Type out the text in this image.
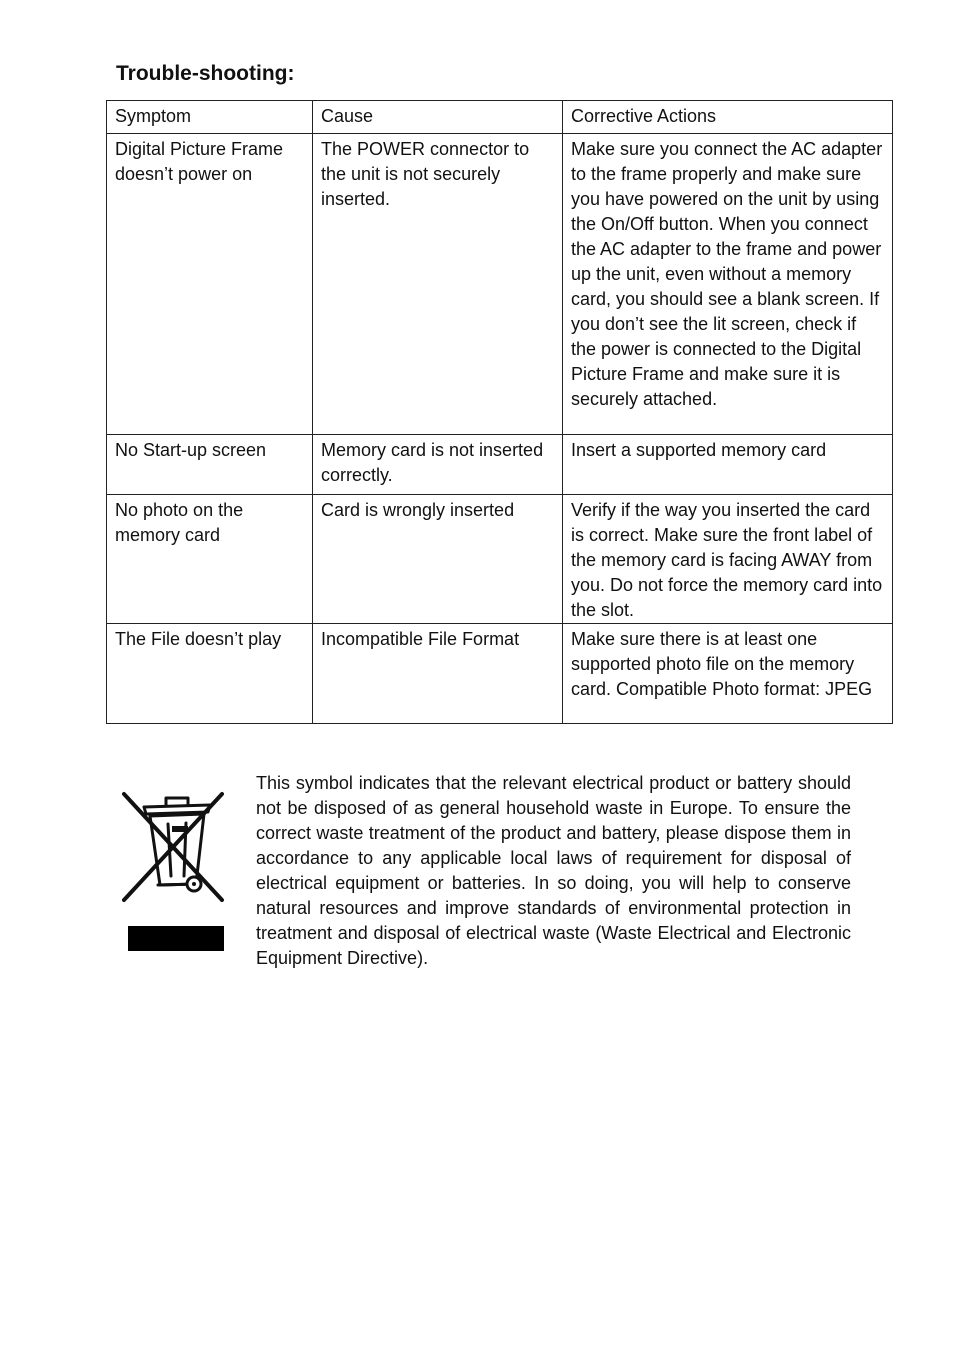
Trouble-shooting:
Symptom	Cause	Corrective Actions
Digital Picture Frame doesn’t power on	The POWER connector to the unit is not securely inserted.	Make sure you connect the AC adapter to the frame properly and make sure you have powered on the unit by using the On/Off button. When you connect the AC adapter to the frame and power up the unit, even without a memory card, you should see a blank screen. If you don’t see the lit screen, check if the power is connected to the Digital Picture Frame and make sure it is securely attached.
No Start-up screen	Memory card is not inserted correctly.	Insert a supported memory card
No photo on the memory card	Card is wrongly inserted	Verify if the way you inserted the card is correct. Make sure the front label of the memory card is facing AWAY from you. Do not force the memory card into the slot.
The File doesn’t play	Incompatible File Format	Make sure there is at least one supported photo file on the memory card. Compatible Photo format: JPEG

This symbol indicates that the relevant electrical product or battery should not be disposed of as general household waste in Europe. To ensure the correct waste treatment of the product and battery, please dispose them in accordance to any applicable local laws of requirement for disposal of electrical equipment or batteries. In so doing, you will help to conserve natural resources and improve standards of environmental protection in treatment and disposal of electrical waste (Waste Electrical and Electronic Equipment Directive).
